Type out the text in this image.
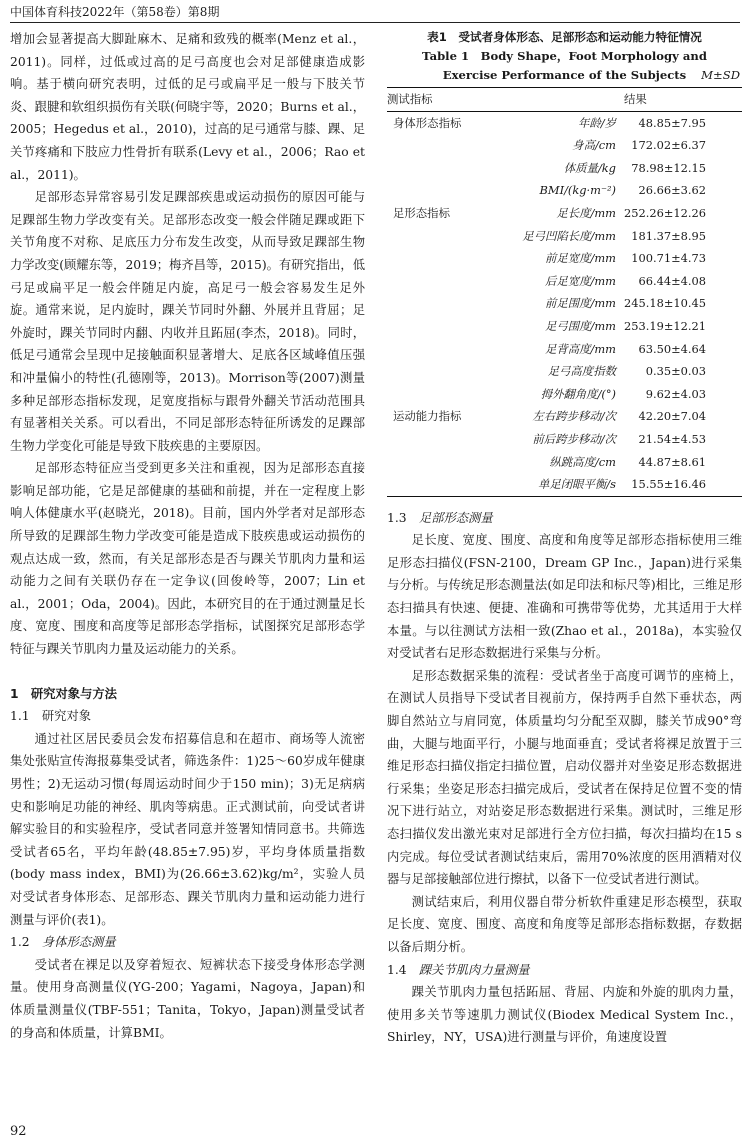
中国体育科技2022年（第58卷）第8期

增加会显著提高大脚趾麻木、足痛和致残的概率(Menz et al.，2011)。同样，过低或过高的足弓高度也会对足部健康造成影响。基于横向研究表明，过低的足弓或扁平足一般与下肢关节炎、跟腱和软组织损伤有关联(何晓宇等，2020；Burns et al.，2005；Hegedus et al.，2010)，过高的足弓通常与膝、踝、足关节疼痛和下肢应力性骨折有联系(Levy et al.，2006；Rao et al.，2011)。

足部形态异常容易引发足踝部疾患或运动损伤的原因可能与足踝部生物力学改变有关。足部形态改变一般会伴随足踝或距下关节角度不对称、足底压力分布发生改变，从而导致足踝部生物力学改变(顾耀东等，2019；梅齐昌等，2015)。有研究指出，低弓足或扁平足一般会伴随足内旋，高足弓一般会容易发生足外旋。通常来说，足内旋时，踝关节同时外翻、外展并且背屈；足外旋时，踝关节同时内翻、内收并且跖屈(李杰，2018)。同时，低足弓通常会呈现中足接触面积显著增大、足底各区域峰值压强和冲量偏小的特性(孔德刚等，2013)。Morrison等(2007)测量多种足部形态指标发现，足宽度指标与跟骨外翻关节活动范围具有显著相关关系。可以看出，不同足部形态特征所诱发的足踝部生物力学变化可能是导致下肢疾患的主要原因。

足部形态特征应当受到更多关注和重视，因为足部形态直接影响足部功能，它是足部健康的基础和前提，并在一定程度上影响人体健康水平(赵晓光，2018)。目前，国内外学者对足部形态所导致的足踝部生物力学改变可能是造成下肢疾患或运动损伤的观点达成一致，然而，有关足部形态是否与踝关节肌肉力量和运动能力之间有关联仍存在一定争议(回俊岭等，2007；Lin et al.，2001；Oda，2004)。因此，本研究目的在于通过测量足长度、宽度、围度和高度等足部形态学指标，试图探究足部形态学特征与踝关节肌肉力量及运动能力的关系。

1　研究对象与方法
1.1　研究对象

通过社区居民委员会发布招募信息和在超市、商场等人流密集处张贴宣传海报募集受试者，筛选条件：1)25～60岁成年健康男性；2)无运动习惯(每周运动时间少于150 min)；3)无足病病史和影响足功能的神经、肌肉等病患。正式测试前，向受试者讲解实验目的和实验程序，受试者同意并签署知情同意书。共筛选受试者65名，平均年龄(48.85±7.95)岁，平均身体质量指数(body mass index，BMI)为(26.66±3.62)kg/m²，实验人员对受试者身体形态、足部形态、踝关节肌肉力量和运动能力进行测量与评价(表1)。

1.2　身体形态测量

受试者在裸足以及穿着短衣、短裤状态下接受身体形态学测量。使用身高测量仪(YG-200；Yagami，Nagoya，Japan)和体质量测量仪(TBF-551；Tanita，Tokyo，Japan)测量受试者的身高和体质量，计算BMI。

表1　受试者身体形态、足部形态和运动能力特征情况
Table 1　Body Shape，Foot Morphology and
Exercise Performance of the Subjects M±SD
测试指标		结果
身体形态指标	年龄/岁	48.85±7.95
	身高/cm	172.02±6.37
	体质量/kg	78.98±12.15
	BMI/(kg·m⁻²)	26.66±3.62
足形态指标	足长度/mm	252.26±12.26
	足弓凹陷长度/mm	181.37±8.95
	前足宽度/mm	100.71±4.73
	后足宽度/mm	66.44±4.08
	前足围度/mm	245.18±10.45
	足弓围度/mm	253.19±12.21
	足背高度/mm	63.50±4.64
	足弓高度指数	0.35±0.03
	拇外翻角度/(°)	9.62±4.03
运动能力指标	左右跨步移动/次	42.20±7.04
	前后跨步移动/次	21.54±4.53
	纵跳高度/cm	44.87±8.61
	单足闭眼平衡/s	15.55±16.46
1.3　足部形态测量

足长度、宽度、围度、高度和角度等足部形态指标使用三维足形态扫描仪(FSN-2100，Dream GP Inc.，Japan)进行采集与分析。与传统足形态测量法(如足印法和标尺等)相比，三维足形态扫描具有快速、便捷、准确和可携带等优势，尤其适用于大样本量。与以往测试方法相一致(Zhao et al.，2018a)，本实验仅对受试者右足形态数据进行采集与分析。

足形态数据采集的流程：受试者坐于高度可调节的座椅上，在测试人员指导下受试者目视前方，保持两手自然下垂状态，两脚自然站立与肩同宽，体质量均匀分配至双脚，膝关节成90°弯曲，大腿与地面平行，小腿与地面垂直；受试者将裸足放置于三维足形态扫描仪指定扫描位置，启动仪器并对坐姿足形态数据进行采集；坐姿足形态扫描完成后，受试者在保持足位置不变的情况下进行站立，对站姿足形态数据进行采集。测试时，三维足形态扫描仪发出激光束对足部进行全方位扫描，每次扫描均在15 s内完成。每位受试者测试结束后，需用70%浓度的医用酒精对仪器与足部接触部位进行擦拭，以备下一位受试者进行测试。

测试结束后，利用仪器自带分析软件重建足形态模型，获取足长度、宽度、围度、高度和角度等足部形态指标数据，存数据以备后期分析。

1.4　踝关节肌肉力量测量

踝关节肌肉力量包括跖屈、背屈、内旋和外旋的肌肉力量，使用多关节等速肌力测试仪(Biodex Medical System Inc.，Shirley，NY，USA)进行测量与评价，角速度设置

92
